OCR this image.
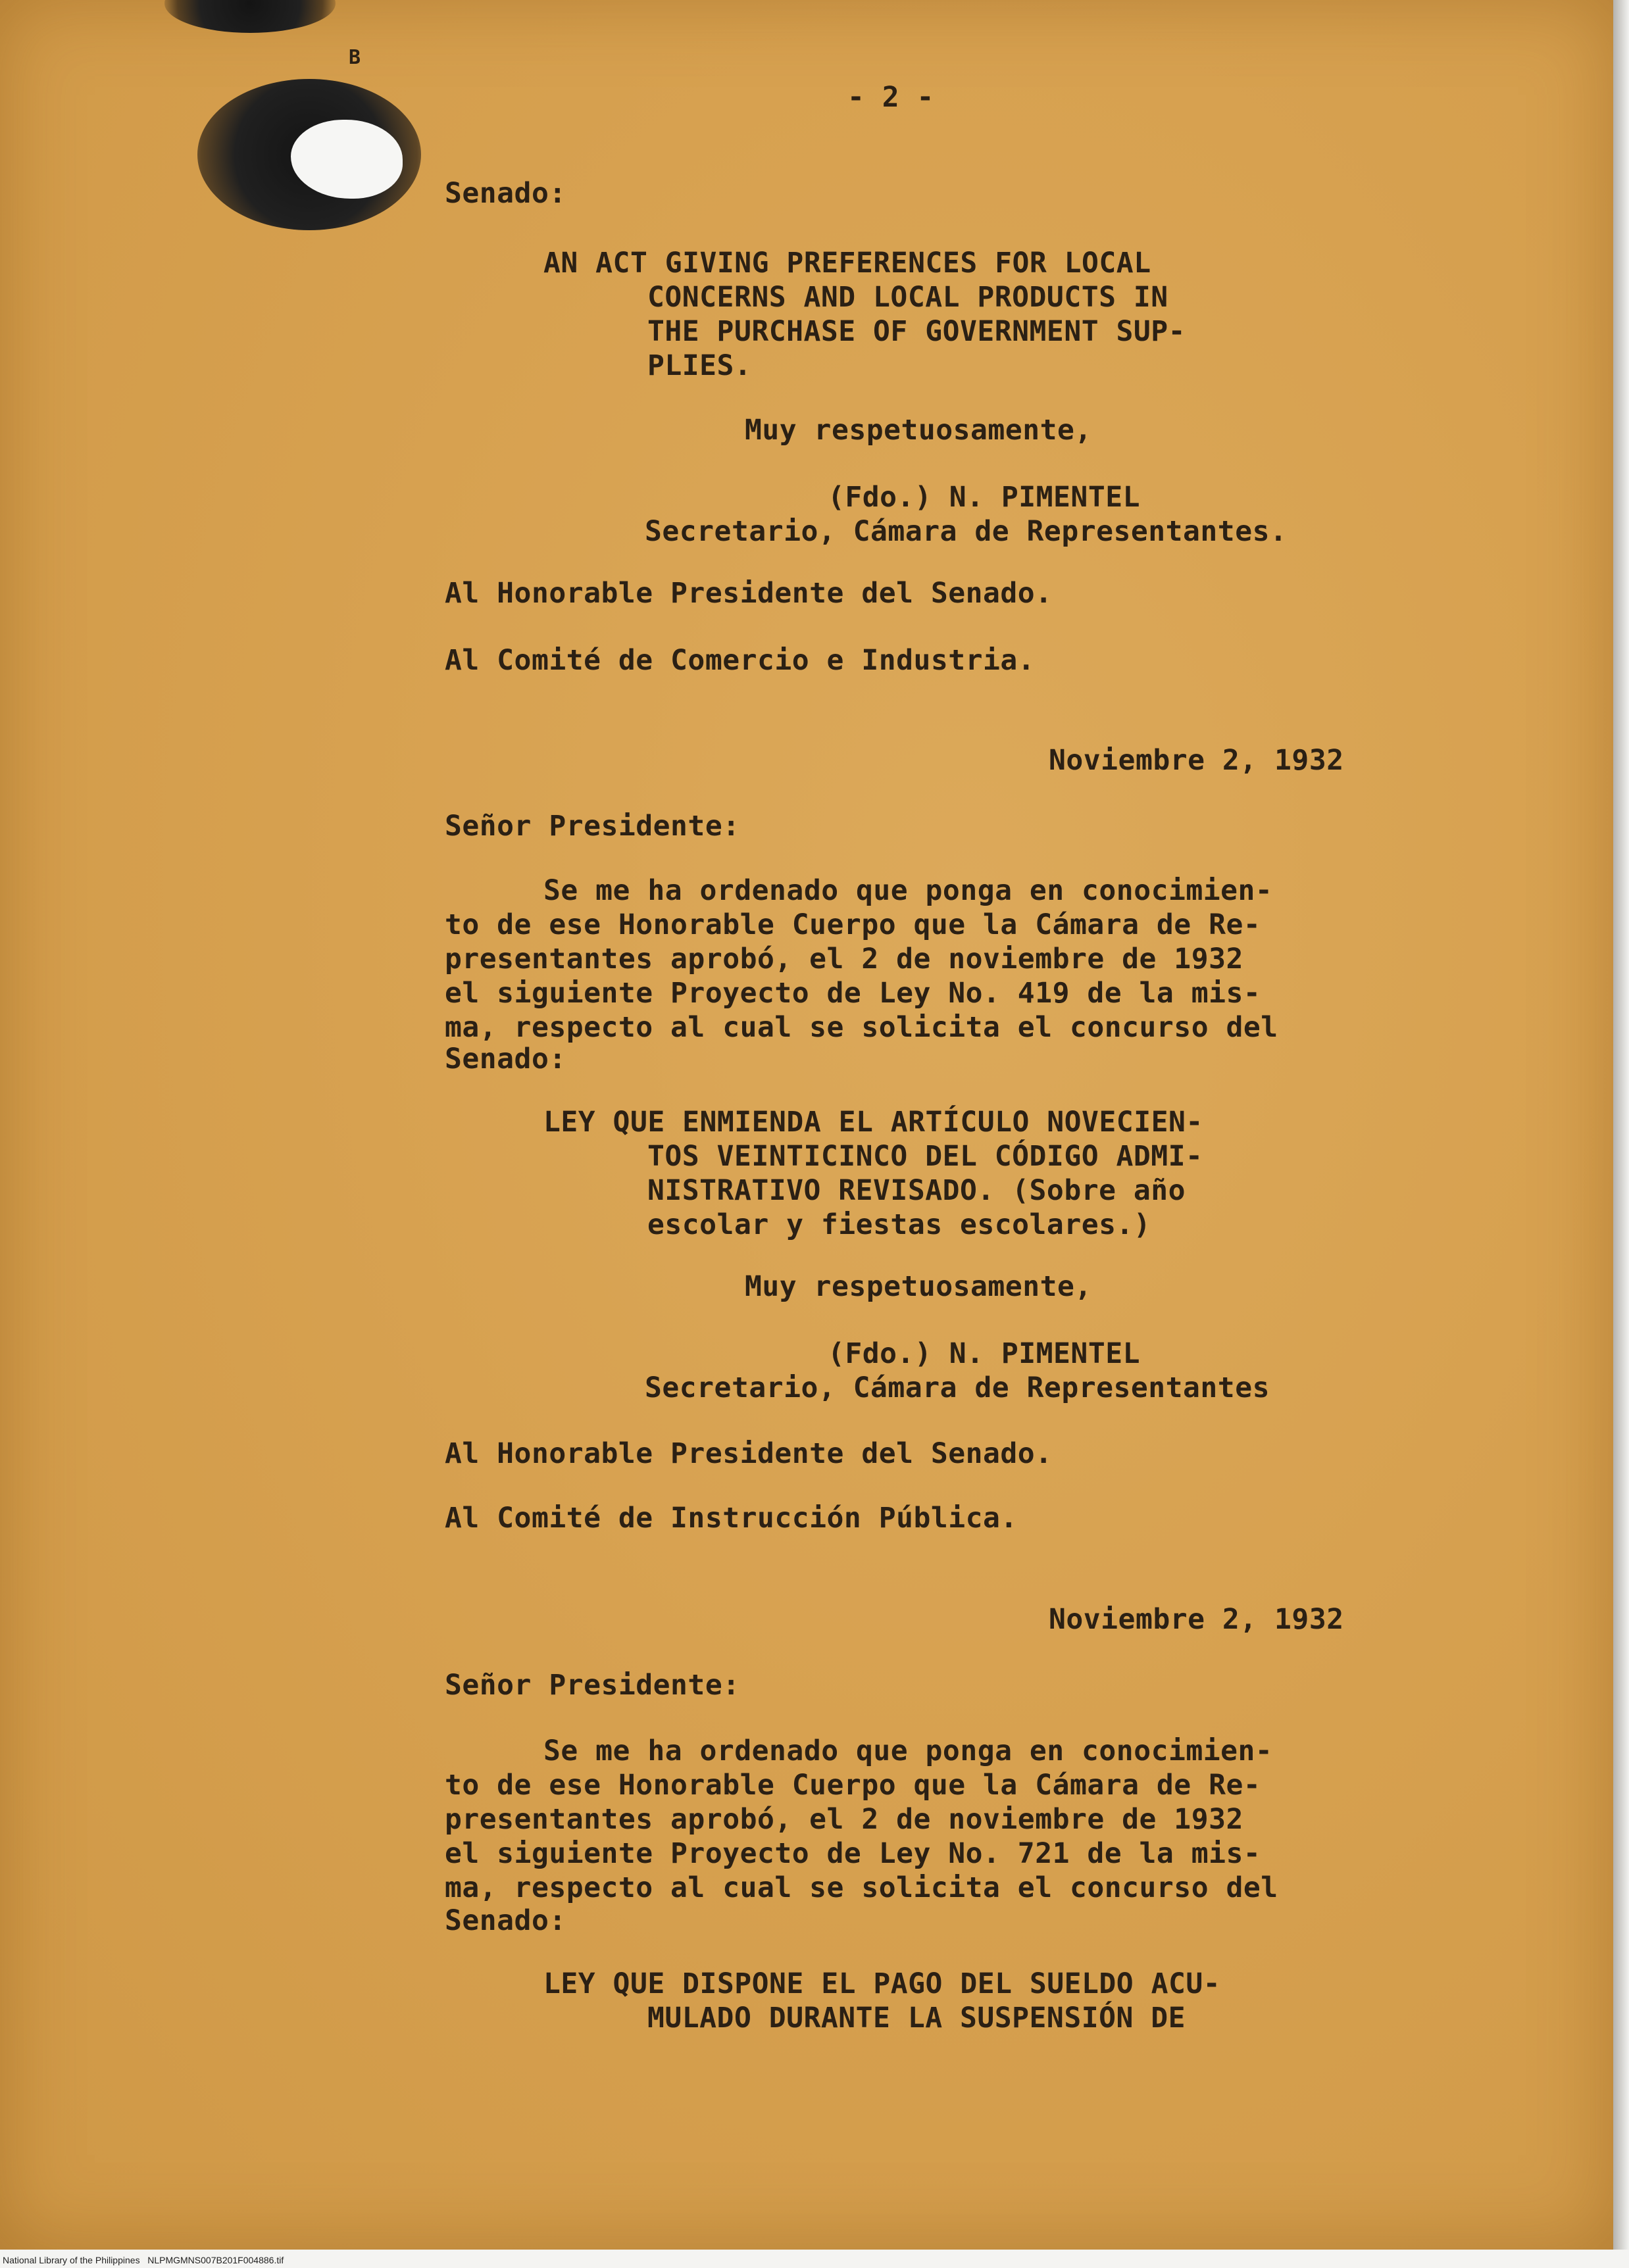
B

- 2 -

Senado:

AN ACT GIVING PREFERENCES FOR LOCAL

CONCERNS AND LOCAL PRODUCTS IN

THE PURCHASE OF GOVERNMENT SUP-

PLIES.

Muy respetuosamente,

(Fdo.) N. PIMENTEL

Secretario, Cámara de Representantes.

Al Honorable Presidente del Senado.

Al Comité de Comercio e Industria.

Noviembre 2, 1932

Señor Presidente:

Se me ha ordenado que ponga en conocimien-

to de ese Honorable Cuerpo que la Cámara de Re-

presentantes aprobó, el 2 de noviembre de 1932

el siguiente Proyecto de Ley No. 419 de la mis-

ma, respecto al cual se solicita el concurso del

Senado:

LEY QUE ENMIENDA EL ARTÍCULO NOVECIEN-

TOS VEINTICINCO DEL CÓDIGO ADMI-

NISTRATIVO REVISADO. (Sobre año

escolar y fiestas escolares.)

Muy respetuosamente,

(Fdo.) N. PIMENTEL

Secretario, Cámara de Representantes

Al Honorable Presidente del Senado.

Al Comité de Instrucción Pública.

Noviembre 2, 1932

Señor Presidente:

Se me ha ordenado que ponga en conocimien-

to de ese Honorable Cuerpo que la Cámara de Re-

presentantes aprobó, el 2 de noviembre de 1932

el siguiente Proyecto de Ley No. 721 de la mis-

ma, respecto al cual se solicita el concurso del

Senado:

LEY QUE DISPONE EL PAGO DEL SUELDO ACU-

MULADO DURANTE LA SUSPENSIÓN DE

National Library of the Philippines   NLPMGMNS007B201F004886.tif
